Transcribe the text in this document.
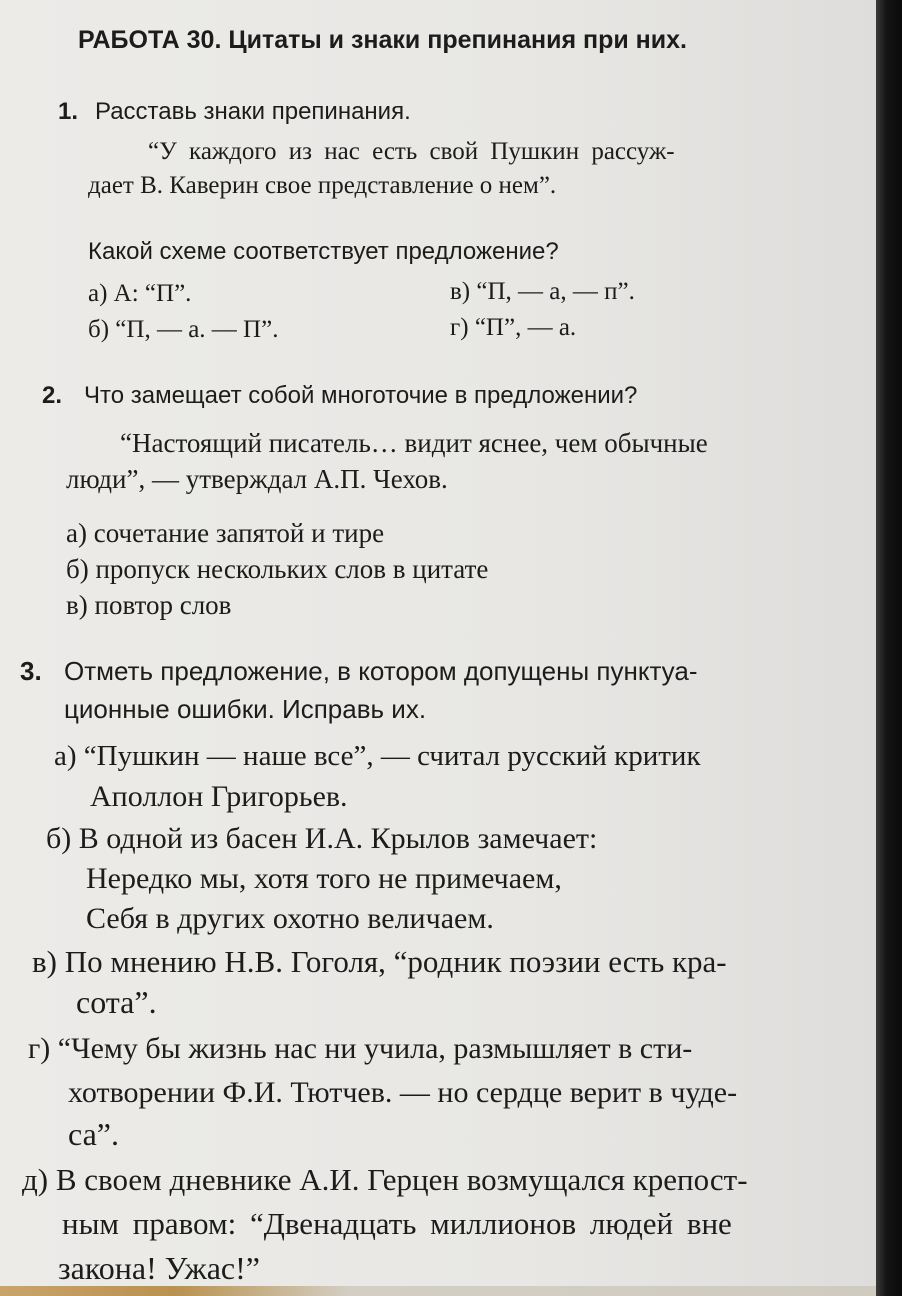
РАБОТА 30. Цитаты и знаки препинания при них.
1. Расставь знаки препинания.
“У каждого из нас есть свой Пушкин рассуж-
дает В. Каверин свое представление о нем”.
Какой схеме соответствует предложение?
а) А: “П”.	в) “П, — а, — п”.
б) “П, — а. — П”.	г) “П”, — а.
2. Что замещает собой многоточие в предложении?
“Настоящий писатель… видит яснее, чем обычные
люди”, — утверждал А.П. Чехов.
а) сочетание запятой и тире
б) пропуск нескольких слов в цитате
в) повтор слов
3. Отметь предложение, в котором допущены пунктуа-
ционные ошибки. Исправь их.
а) “Пушкин — наше все”, — считал русский критик
Аполлон Григорьев.
б) В одной из басен И.А. Крылов замечает:
Нередко мы, хотя того не примечаем,
Себя в других охотно величаем.
в) По мнению Н.В. Гоголя, “родник поэзии есть кра-
сота”.
г) “Чему бы жизнь нас ни учила, размышляет в сти-
хотворении Ф.И. Тютчев. — но сердце верит в чуде-
са”.
д) В своем дневнике А.И. Герцен возмущался крепост-
ным правом: “Двенадцать миллионов людей вне
закона! Ужас!”
